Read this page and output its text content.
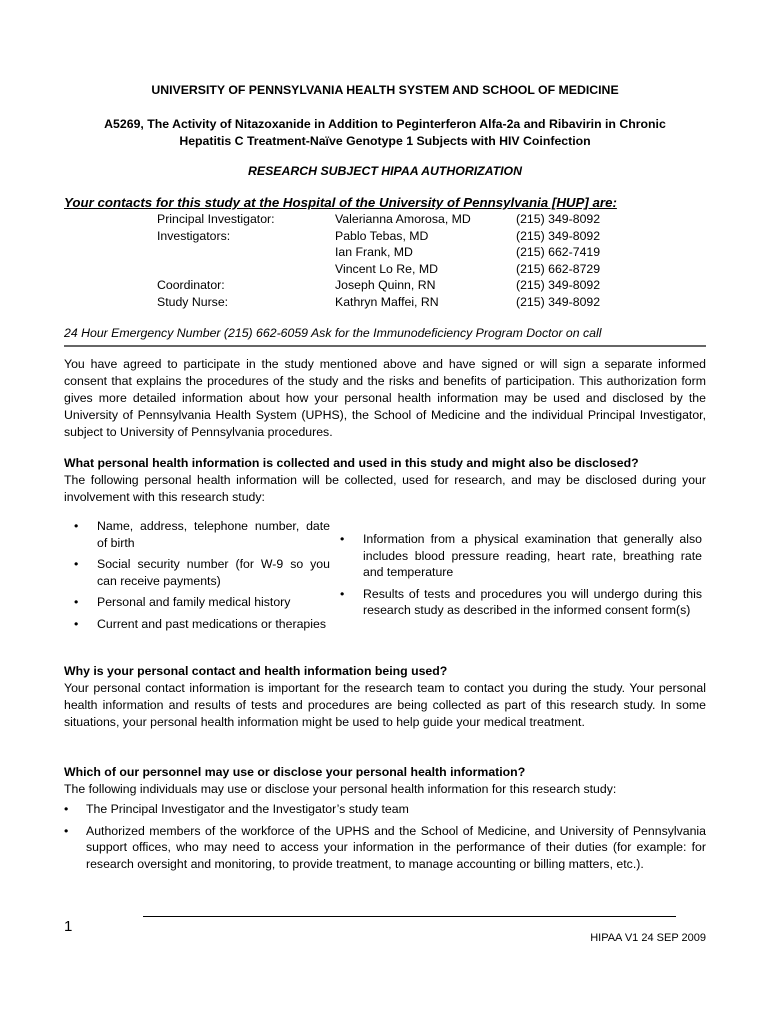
UNIVERSITY OF PENNSYLVANIA HEALTH SYSTEM AND SCHOOL OF MEDICINE
A5269, The Activity of Nitazoxanide in Addition to Peginterferon Alfa-2a and Ribavirin in Chronic
Hepatitis C Treatment-Naïve Genotype 1 Subjects with HIV Coinfection
RESEARCH SUBJECT HIPAA AUTHORIZATION
Your contacts for this study at the Hospital of the University of Pennsylvania [HUP] are:
Principal Investigator:	Valerianna Amorosa, MD	(215) 349-8092
Investigators:	Pablo Tebas, MD	(215) 349-8092
	Ian Frank, MD	(215) 662-7419
	Vincent Lo Re, MD	(215) 662-8729
Coordinator:	Joseph Quinn, RN	(215) 349-8092
Study Nurse:	Kathryn Maffei, RN	(215) 349-8092
24 Hour Emergency Number (215) 662-6059 Ask for the Immunodeficiency Program Doctor on call
You have agreed to participate in the study mentioned above and have signed or will sign a separate informed consent that explains the procedures of the study and the risks and benefits of participation. This authorization form gives more detailed information about how your personal health information may be used and disclosed by the University of Pennsylvania Health System (UPHS), the School of Medicine and the individual Principal Investigator, subject to University of Pennsylvania procedures.
What personal health information is collected and used in this study and might also be disclosed?
The following personal health information will be collected, used for research, and may be disclosed during your involvement with this research study:
• Name, address, telephone number, date of birth
• Social security number (for W-9 so you can receive payments)
• Personal and family medical history
• Current and past medications or therapies
• Information from a physical examination that generally also includes blood pressure reading, heart rate, breathing rate and temperature
• Results of tests and procedures you will undergo during this research study as described in the informed consent form(s)
Why is your personal contact and health information being used?
Your personal contact information is important for the research team to contact you during the study. Your personal health information and results of tests and procedures are being collected as part of this research study. In some situations, your personal health information might be used to help guide your medical treatment.
Which of our personnel may use or disclose your personal health information?
The following individuals may use or disclose your personal health information for this research study:
• The Principal Investigator and the Investigator’s study team
• Authorized members of the workforce of the UPHS and the School of Medicine, and University of Pennsylvania support offices, who may need to access your information in the performance of their duties (for example: for research oversight and monitoring, to provide treatment, to manage accounting or billing matters, etc.).
1
HIPAA V1 24 SEP 2009
